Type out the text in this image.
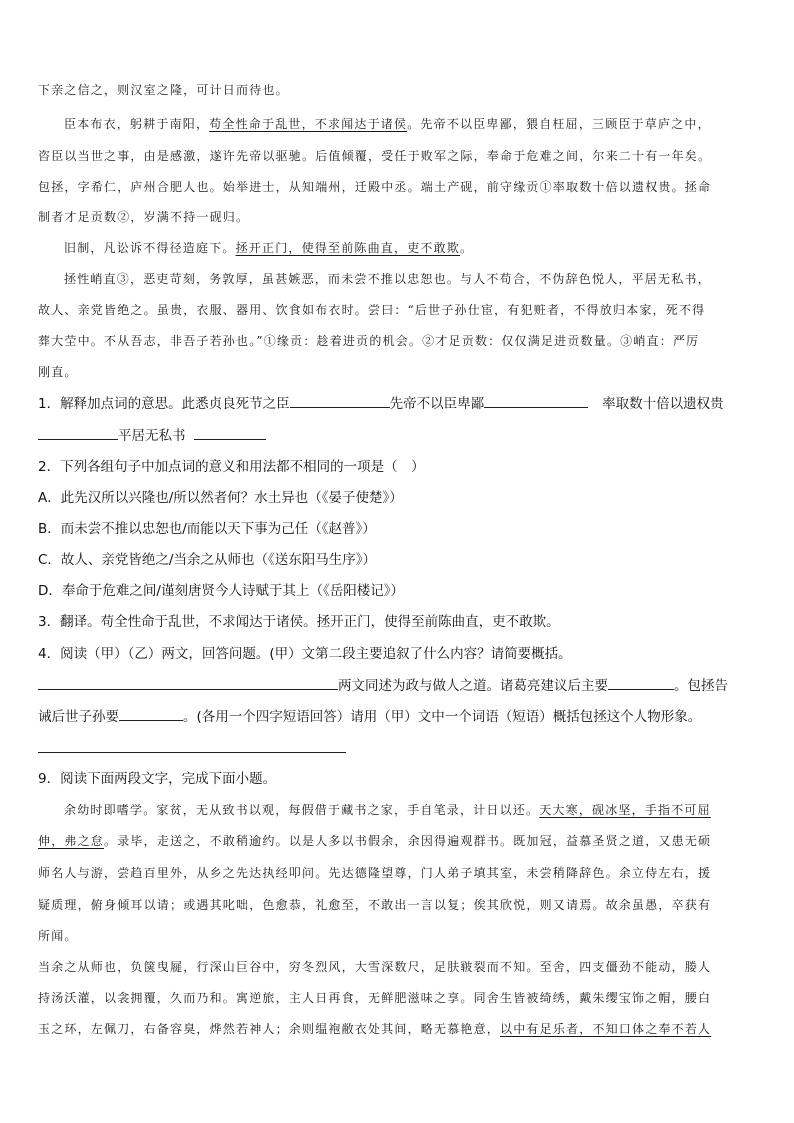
下亲之信之，则汉室之隆，可计日而待也。
臣本布衣，躬耕于南阳，苟全性命于乱世，不求闻达于诸侯。先帝不以臣卑鄙，猥自枉屈，三顾臣于草庐之中，
咨臣以当世之事，由是感激，遂许先帝以驱驰。后值倾覆，受任于败军之际，奉命于危难之间，尔来二十有一年矣。
包拯，字希仁，庐州合肥人也。始举进士，从知端州，迁殿中丞。端土产砚，前守缘贡①率取数十倍以遗权贵。拯命
制者才足贡数②，岁满不持一砚归。
旧制，凡讼诉不得径造庭下。拯开正门，使得至前陈曲直，吏不敢欺。
拯性峭直③，恶吏苛刻，务敦厚，虽甚嫉恶，而未尝不推以忠恕也。与人不苟合，不伪辞色悦人，平居无私书，
故人、亲党皆绝之。虽贵，衣服、器用、饮食如布衣时。尝曰：“后世子孙仕宦，有犯赃者，不得放归本家，死不得
葬大茔中。不从吾志，非吾子若孙也。”①缘贡：趁着进贡的机会。②才足贡数：仅仅满足进贡数量。③峭直：严厉
刚直。
1．解释加点词的意思。此悉贞良死节之臣	先帝不以臣卑鄙	率取数十倍以遗权贵
平居无私书
2．下列各组句子中加点词的意义和用法都不相同的一项是（　）
A．此先汉所以兴隆也/所以然者何？水土异也（《晏子使楚》）
B．而未尝不推以忠恕也/而能以天下事为己任（《赵普》）
C．故人、亲党皆绝之/当余之从师也（《送东阳马生序》）
D．奉命于危难之间/谨刻唐贤今人诗赋于其上（《岳阳楼记》）
3．翻译。苟全性命于乱世，不求闻达于诸侯。拯开正门，使得至前陈曲直，吏不敢欺。
4．阅读（甲）（乙）两文，回答问题。(甲）文第二段主要追叙了什么内容？请简要概括。
两文同述为政与做人之道。诸葛亮建议后主要	。包拯告
诫后世子孙要	。(各用一个四字短语回答）请用（甲）文中一个词语（短语）概括包拯这个人物形象。
9．阅读下面两段文字，完成下面小题。
余幼时即嗜学。家贫，无从致书以观，每假借于藏书之家，手自笔录，计日以还。天大寒，砚冰坚，手指不可屈
伸，弗之怠。录毕，走送之，不敢稍逾约。以是人多以书假余，余因得遍观群书。既加冠，益慕圣贤之道，又患无硕
师名人与游，尝趋百里外，从乡之先达执经叩问。先达德隆望尊，门人弟子填其室，未尝稍降辞色。余立侍左右，援
疑质理，俯身倾耳以请；或遇其叱咄，色愈恭，礼愈至，不敢出一言以复；俟其欣悦，则又请焉。故余虽愚，卒获有
所闻。
当余之从师也，负箧曳屣，行深山巨谷中，穷冬烈风，大雪深数尺，足肤皲裂而不知。至舍，四支僵劲不能动，媵人
持汤沃灌，以衾拥覆，久而乃和。寓逆旅，主人日再食，无鲜肥滋味之享。同舍生皆被绮绣，戴朱缨宝饰之帽，腰白
玉之环，左佩刀，右备容臭，烨然若神人；余则缊袍敝衣处其间，略无慕艳意，以中有足乐者，不知口体之奉不若人
